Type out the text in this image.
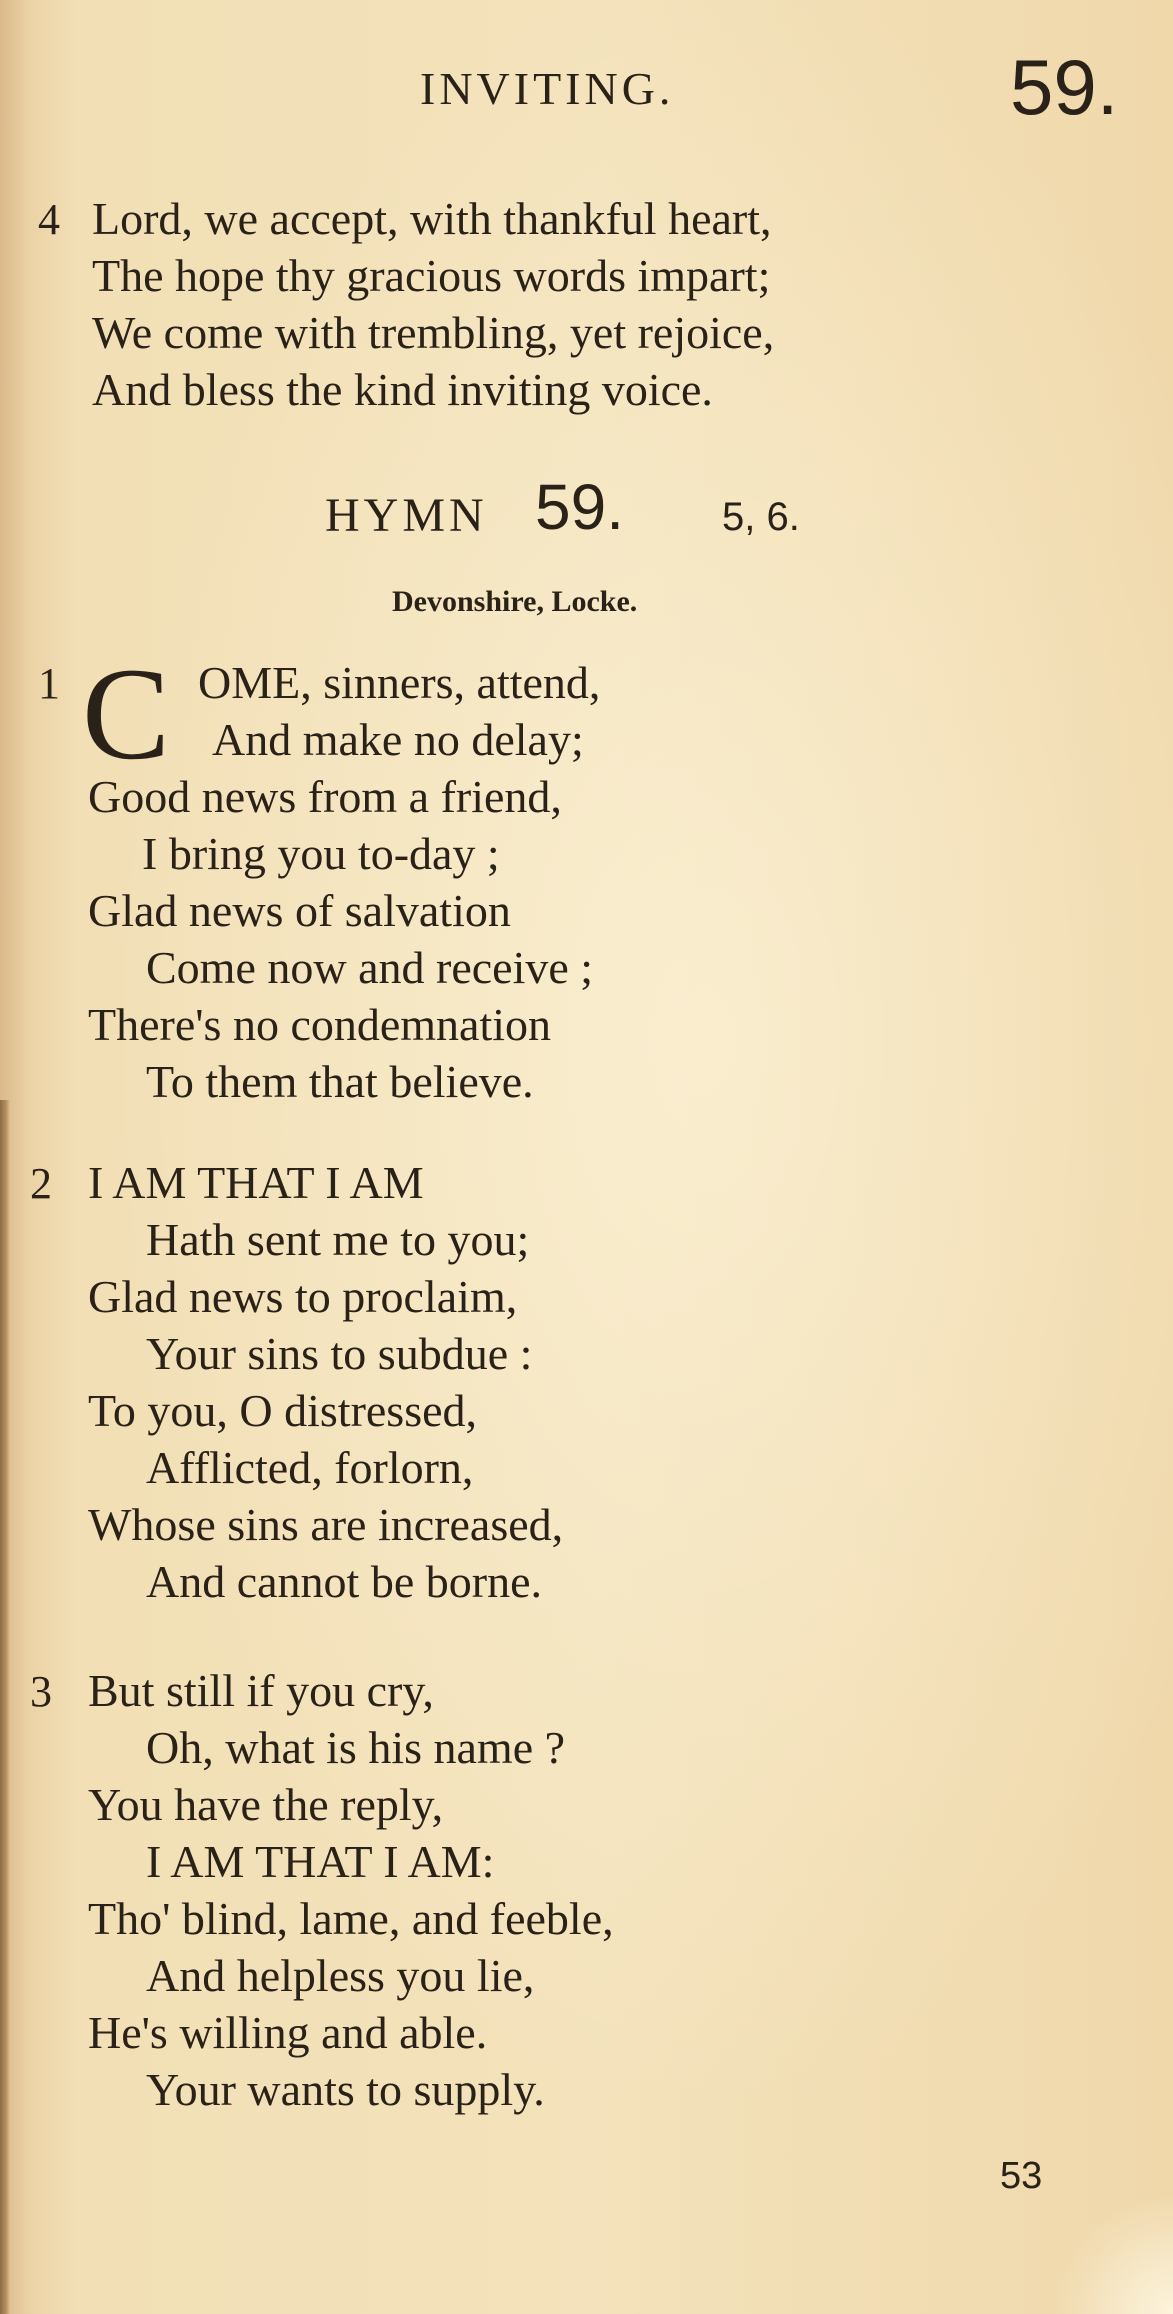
INVITING.	59.
4 Lord, we accept, with thankful heart,
The hope thy gracious words impart;
We come with trembling, yet rejoice,
And bless the kind inviting voice.
HYMN 59. 5, 6.
Devonshire, Locke.
1 C OME, sinners, attend,
And make no delay;
Good news from a friend,
I bring you to-day ;
Glad news of salvation
Come now and receive ;
There's no condemnation
To them that believe.
2 I AM THAT I AM
Hath sent me to you;
Glad news to proclaim,
Your sins to subdue :
To you, O distressed,
Afflicted, forlorn,
Whose sins are increased,
And cannot be borne.
3 But still if you cry,
Oh, what is his name ?
You have the reply,
I AM THAT I AM:
Tho' blind, lame, and feeble,
And helpless you lie,
He's willing and able.
Your wants to supply.
53
